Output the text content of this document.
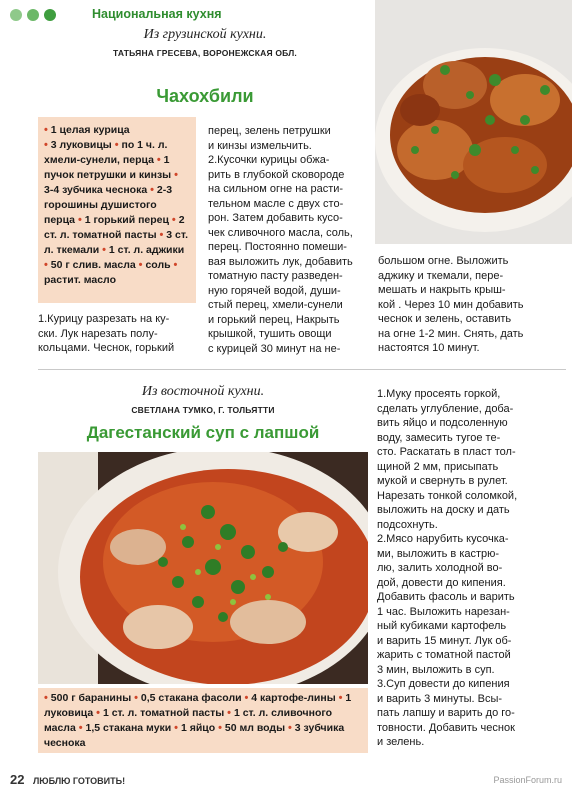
Национальная кухня
Из грузинской кухни.
ТАТЬЯНА ГРЕСЕВА, ВОРОНЕЖСКАЯ ОБЛ.
Чахохбили
• 1 целая курица
• 3 луковицы • по 1 ч. л. хмели-сунели, перца • 1 пучок петрушки и кинзы • 3-4 зубчика чеснока • 2-3 горошины душистого перца • 1 горький перец • 2 ст. л. томатной пасты • 3 ст. л. ткемали • 1 ст. л. аджики • 50 г слив. масла • соль • растит. масло

1.Курицу разрезать на ку-

ски. Лук нарезать полу-

кольцами. Чеснок, горький

перец, зелень петрушки

и кинзы измельчить.

2.Кусочки курицы обжа-

рить в глубокой сковороде

на сильном огне на расти-

тельном масле с двух сто-

рон. Затем добавить кусо-

чек сливочного масла, соль,

перец. Постоянно помеши-

вая выложить лук, добавить

томатную пасту разведен-

ную горячей водой, души-

стый перец, хмели-сунели

и горький перец, Накрыть

крышкой, тушить овощи

с курицей 30 минут на не-

большом огне. Выложить

аджику и ткемали, пере-

мешать и накрыть крыш-

кой . Через 10 мин добавить

чеснок и зелень, оставить

на огне 1-2 мин. Снять, дать

настоятся 10 минут.

Из восточной кухни.
СВЕТЛАНА ТУМКО, Г. ТОЛЬЯТТИ
Дагестанский суп с лапшой
• 500 г баранины • 0,5 стакана фасоли • 4 картофе-лины • 1 луковица • 1 ст. л. томатной пасты • 1 ст. л. сливочного масла • 1,5 стакана муки • 1 яйцо • 50 мл воды • 3 зубчика чеснока

1.Муку просеять горкой,

сделать углубление, доба-

вить яйцо и подсоленную

воду, замесить тугое те-

сто. Раскатать в пласт тол-

щиной 2 мм, присыпать

мукой и свернуть в рулет.

Нарезать тонкой соломкой,

выложить на доску и дать

подсохнуть.

2.Мясо нарубить кусочка-

ми, выложить в кастрю-

лю, залить холодной во-

дой, довести до кипения.

Добавить фасоль и варить

1 час. Выложить нарезан-

ный кубиками картофель

и варить 15 минут. Лук об-

жарить с томатной пастой

3 мин, выложить в суп.

3.Суп довести до кипения

и варить 3 минуты. Всы-

пать лапшу и варить до го-

товности. Добавить чеснок

и зелень.

22 ЛЮБЛЮ ГОТОВИТЬ!	PassionForum.ru
